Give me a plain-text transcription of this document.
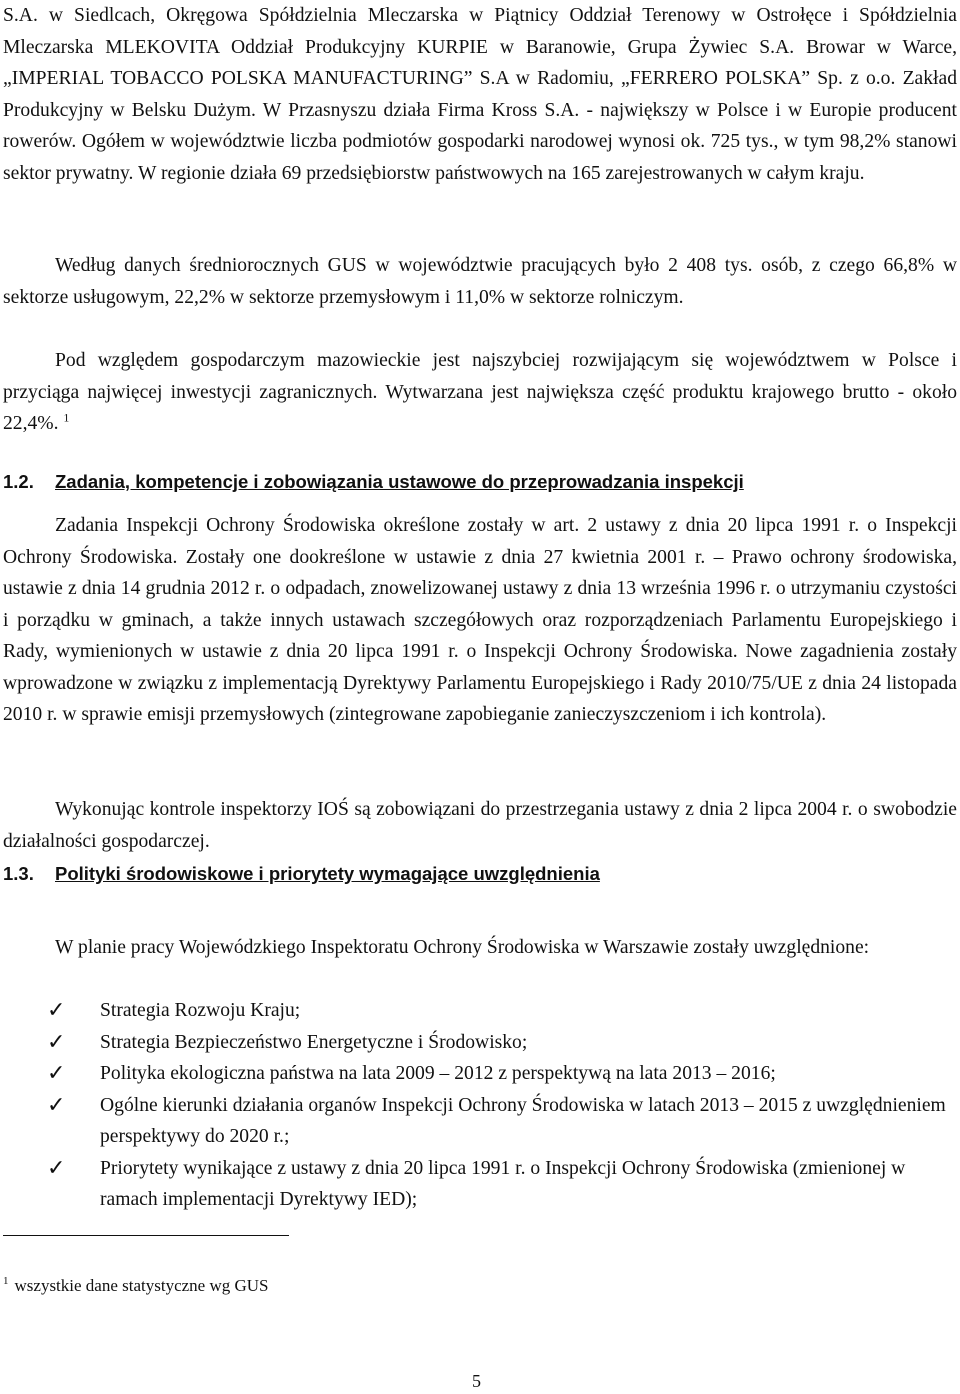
S.A. w Siedlcach, Okręgowa Spółdzielnia Mleczarska w Piątnicy Oddział Terenowy w Ostrołęce i Spółdzielnia Mleczarska MLEKOVITA Oddział Produkcyjny KURPIE w Baranowie, Grupa Żywiec S.A. Browar w Warce, „IMPERIAL TOBACCO POLSKA MANUFACTURING” S.A w Radomiu, „FERRERO POLSKA” Sp. z o.o. Zakład Produkcyjny w Belsku Dużym. W Przasnyszu działa Firma Kross S.A. - największy w Polsce i w Europie producent rowerów. Ogółem w województwie liczba podmiotów gospodarki narodowej wynosi ok. 725 tys., w tym 98,2% stanowi sektor prywatny. W regionie działa 69 przedsiębiorstw państwowych na 165 zarejestrowanych w całym kraju.

Według danych średniorocznych GUS w województwie pracujących było 2 408 tys. osób, z czego 66,8% w sektorze usługowym, 22,2% w sektorze przemysłowym i 11,0% w sektorze rolniczym.

Pod względem gospodarczym mazowieckie jest najszybciej rozwijającym się województwem w Polsce i przyciąga najwięcej inwestycji zagranicznych. Wytwarzana jest największa część produktu krajowego brutto - około 22,4%. $^1$

1.2. Zadania, kompetencje i zobowiązania ustawowe do przeprowadzania inspekcji

Zadania Inspekcji Ochrony Środowiska określone zostały w art. 2 ustawy z dnia 20 lipca 1991 r. o Inspekcji Ochrony Środowiska. Zostały one dookreślone w ustawie z dnia 27 kwietnia 2001 r. – Prawo ochrony środowiska, ustawie z dnia 14 grudnia 2012 r. o odpadach, znowelizowanej ustawy z dnia 13 września 1996 r. o utrzymaniu czystości i porządku w gminach, a także innych ustawach szczegółowych oraz rozporządzeniach Parlamentu Europejskiego i Rady, wymienionych w ustawie z dnia 20 lipca 1991 r. o Inspekcji Ochrony Środowiska. Nowe zagadnienia zostały wprowadzone w związku z implementacją Dyrektywy Parlamentu Europejskiego i Rady 2010/75/UE z dnia 24 listopada 2010 r. w sprawie emisji przemysłowych (zintegrowane zapobieganie zanieczyszczeniom i ich kontrola).

Wykonując kontrole inspektorzy IOŚ są zobowiązani do przestrzegania ustawy z dnia 2 lipca 2004 r. o swobodzie działalności gospodarczej.

1.3. Polityki środowiskowe i priorytety wymagające uwzględnienia

W planie pracy Wojewódzkiego Inspektoratu Ochrony Środowiska w Warszawie zostały uwzględnione:

✓ Strategia Rozwoju Kraju;
✓ Strategia Bezpieczeństwo Energetyczne i Środowisko;
✓ Polityka ekologiczna państwa na lata 2009 – 2012 z perspektywą na lata 2013 – 2016;
✓ Ogólne kierunki działania organów Inspekcji Ochrony Środowiska w latach 2013 – 2015 z uwzględnieniem perspektywy do 2020 r.;
✓ Priorytety wynikające z ustawy z dnia 20 lipca 1991 r. o Inspekcji Ochrony Środowiska (zmienionej w ramach implementacji Dyrektywy IED);
$^1$ wszystkie dane statystyczne wg GUS
5
